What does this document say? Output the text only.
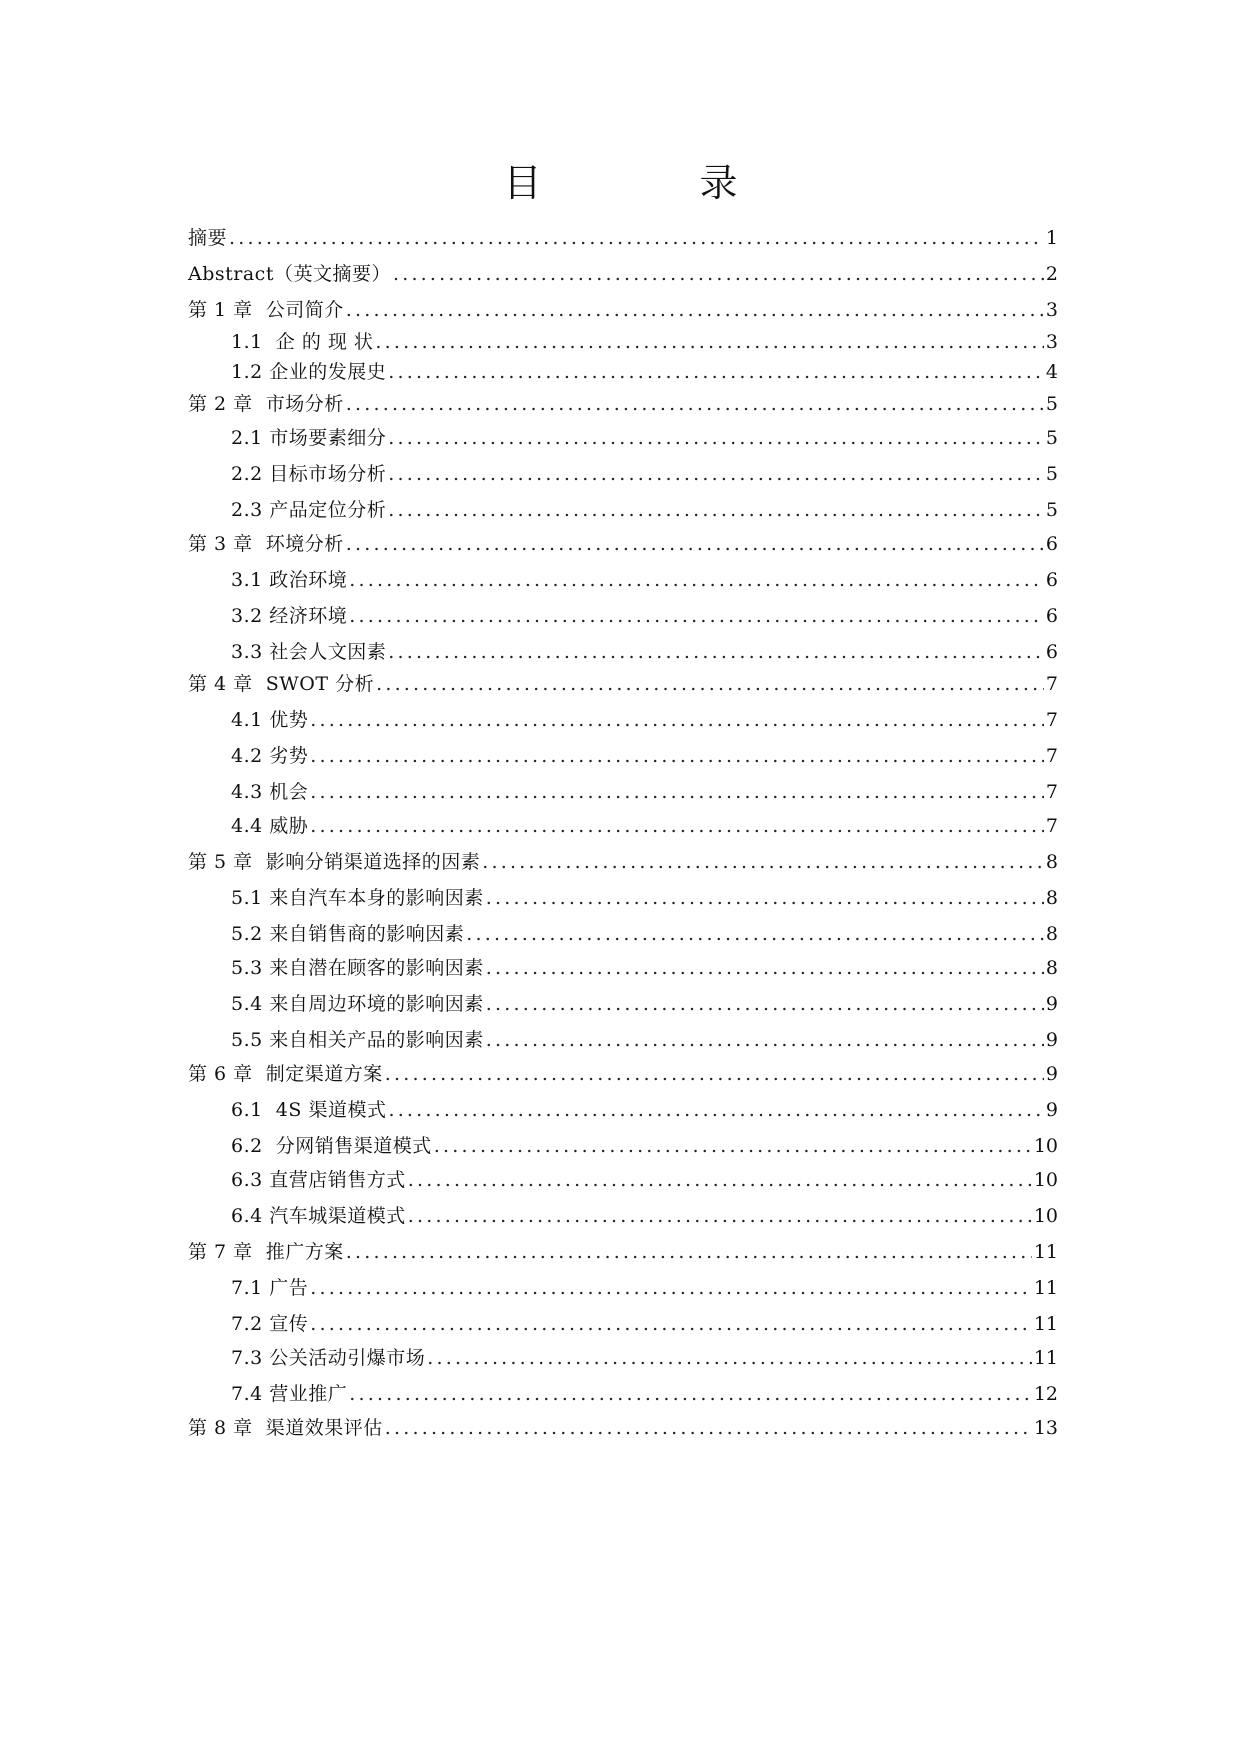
目　录
摘要 .....	1
Abstract（英文摘要） .....	2
第 1 章  公司简介 .....	3
1.1  企 的 现 状 .....	3
1.2 企业的发展史 .....	4
第 2 章  市场分析 .....	5
2.1 市场要素细分 .....	5
2.2 目标市场分析 .....	5
2.3 产品定位分析 .....	5
第 3 章  环境分析 .....	6
3.1 政治环境 .....	6
3.2 经济环境 .....	6
3.3 社会人文因素 .....	6
第 4 章  SWOT 分析 .....	7
4.1 优势 .....	7
4.2 劣势 .....	7
4.3 机会 .....	7
4.4 威胁 .....	7
第 5 章  影响分销渠道选择的因素 .....	8
5.1 来自汽车本身的影响因素 .....	8
5.2 来自销售商的影响因素 .....	8
5.3 来自潜在顾客的影响因素 .....	8
5.4 来自周边环境的影响因素 .....	9
5.5 来自相关产品的影响因素 .....	9
第 6 章  制定渠道方案 .....	9
6.1  4S 渠道模式 .....	9
6.2  分网销售渠道模式 .....	10
6.3 直营店销售方式 .....	10
6.4 汽车城渠道模式 .....	10
第 7 章  推广方案 .....	11
7.1 广告 .....	11
7.2 宣传 .....	11
7.3 公关活动引爆市场 .....	11
7.4 营业推广 .....	12
第 8 章  渠道效果评估 .....	13
